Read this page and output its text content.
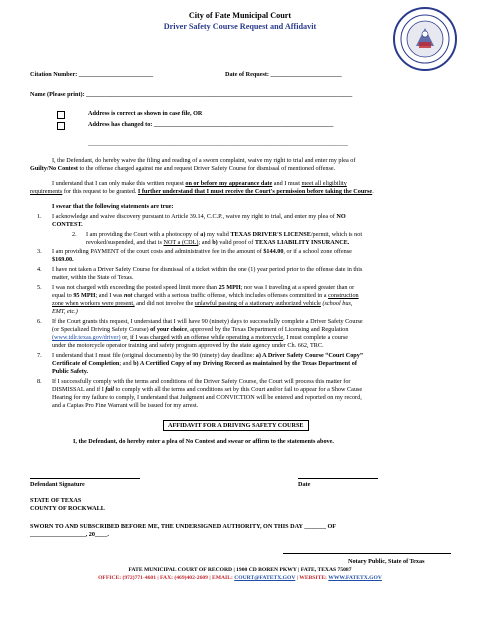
City of Fate Municipal Court
Driver Safety Course Request and Affidavit
Citation Number: ________________________	Date of Request: _______________________
Name (Please print): ______________________________________________________________________________________
Address is correct as shown in case file, OR
Address has changed to: __________________________________________________________
____________________________________________________________________________________
I, the Defendant, do hereby waive the filing and reading of a sworn complaint, waive my right to trial and enter my plea of
Guilty/No Contest to the offense charged against me and request Driver Safety Course for dismissal of mentioned offense.
I understand that I can only make this written request on or before my appearance date and I must meet all eligibility
requirements for this request to be granted. I further understand that I must receive the Court's permission before taking the Course.
I swear that the following statements are true:
1. I acknowledge and waive discovery pursuant to Article 39.14, C.C.P., waive my right to trial, and enter my plea of NO
CONTEST.
2. I am providing the Court with a photocopy of a) my valid TEXAS DRIVER'S LICENSE/permit, which is not
revoked/suspended, and that is NOT a (CDL); and b) valid proof of TEXAS LIABILITY INSURANCE.
3. I am providing PAYMENT of the court costs and administrative fee in the amount of $144.00, or if a school zone offense
$169.00.
4. I have not taken a Driver Safety Course for dismissal of a ticket within the one (1) year period prior to the offense date in this
matter, within the State of Texas.
5. I was not charged with exceeding the posted speed limit more than 25 MPH; nor was I traveling at a speed greater than or
equal to 95 MPH; and I was not charged with a serious traffic offense, which includes offenses committed in a construction
zone when workers were present, and did not involve the unlawful passing of a stationary authorized vehicle (school bus,
EMT, etc.)
6. If the Court grants this request, I understand that I will have 90 (ninety) days to successfully complete a Driver Safety Course
(or Specialized Driving Safety Course) of your choice, approved by the Texas Department of Licensing and Regulation
(www.tdlr.texas.gov/driver) or, if I was charged with an offense while operating a motorcycle, I must complete a course
under the motorcycle operator training and safety program approved by the state agency under Ch. 662, TRC.
7. I understand that I must file (original documents) by the 90 (ninety) day deadline: a) A Driver Safety Course “Court Copy”
Certificate of Completion; and b) A Certified Copy of my Driving Record as maintained by the Texas Department of
Public Safety.
8. If I successfully comply with the terms and conditions of the Driver Safety Course, the Court will process this matter for
DISMISSAL and if I fail to comply with all the terms and conditions set by this Court and/or fail to appear for a Show Cause
Hearing for my failure to comply, I understand that Judgment and CONVICTION will be entered and reported on my record,
and a Capias Pro Fine Warrant will be issued for my arrest.
AFFIDAVIT FOR A DRIVING SAFETY COURSE
I, the Defendant, do hereby enter a plea of No Contest and swear or affirm to the statements above.
Defendant Signature	Date
STATE OF TEXAS
COUNTY OF ROCKWALL
SWORN TO AND SUBSCRIBED BEFORE ME, THE UNDERSIGNED AUTHORITY, ON THIS DAY _______ OF
__________________, 20____.
Notary Public, State of Texas
FATE MUNICIPAL COURT OF RECORD | 1900 CD BOREN PKWY | FATE, TEXAS 75087
OFFICE: (972)771-4601 | FAX: (469)402-2609 | EMAIL: COURT@FATETX.GOV | WEBSITE: WWW.FATETX.GOV
